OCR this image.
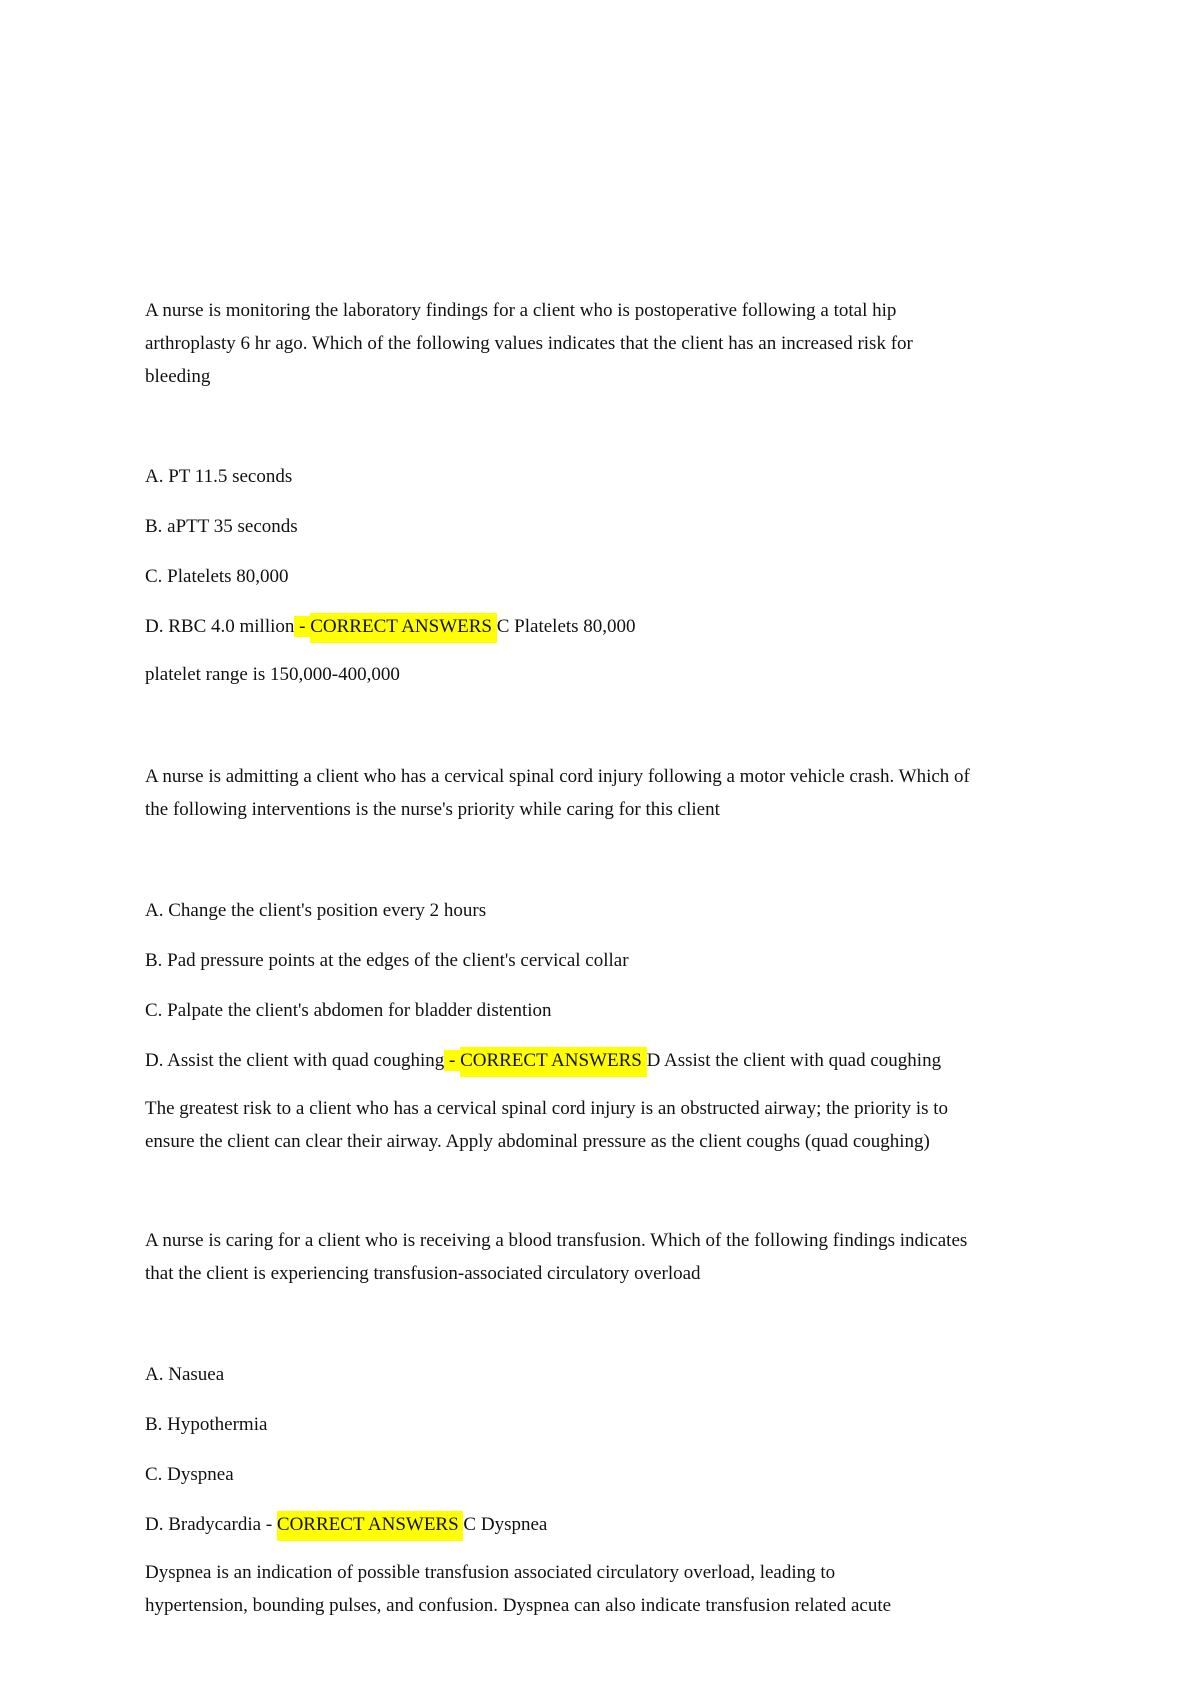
A nurse is monitoring the laboratory findings for a client who is postoperative following a total hip
arthroplasty 6 hr ago. Which of the following values indicates that the client has an increased risk for
bleeding
A. PT 11.5 seconds
B. aPTT 35 seconds
C. Platelets 80,000
D. RBC 4.0 million - CORRECT ANSWERS C Platelets 80,000
platelet range is 150,000-400,000
A nurse is admitting a client who has a cervical spinal cord injury following a motor vehicle crash. Which of
the following interventions is the nurse's priority while caring for this client
A. Change the client's position every 2 hours
B. Pad pressure points at the edges of the client's cervical collar
C. Palpate the client's abdomen for bladder distention
D. Assist the client with quad coughing - CORRECT ANSWERS D Assist the client with quad coughing
The greatest risk to a client who has a cervical spinal cord injury is an obstructed airway; the priority is to
ensure the client can clear their airway. Apply abdominal pressure as the client coughs (quad coughing)
A nurse is caring for a client who is receiving a blood transfusion. Which of the following findings indicates
that the client is experiencing transfusion-associated circulatory overload
A. Nasuea
B. Hypothermia
C. Dyspnea
D. Bradycardia - CORRECT ANSWERS C Dyspnea
Dyspnea is an indication of possible transfusion associated circulatory overload, leading to
hypertension, bounding pulses, and confusion. Dyspnea can also indicate transfusion related acute
